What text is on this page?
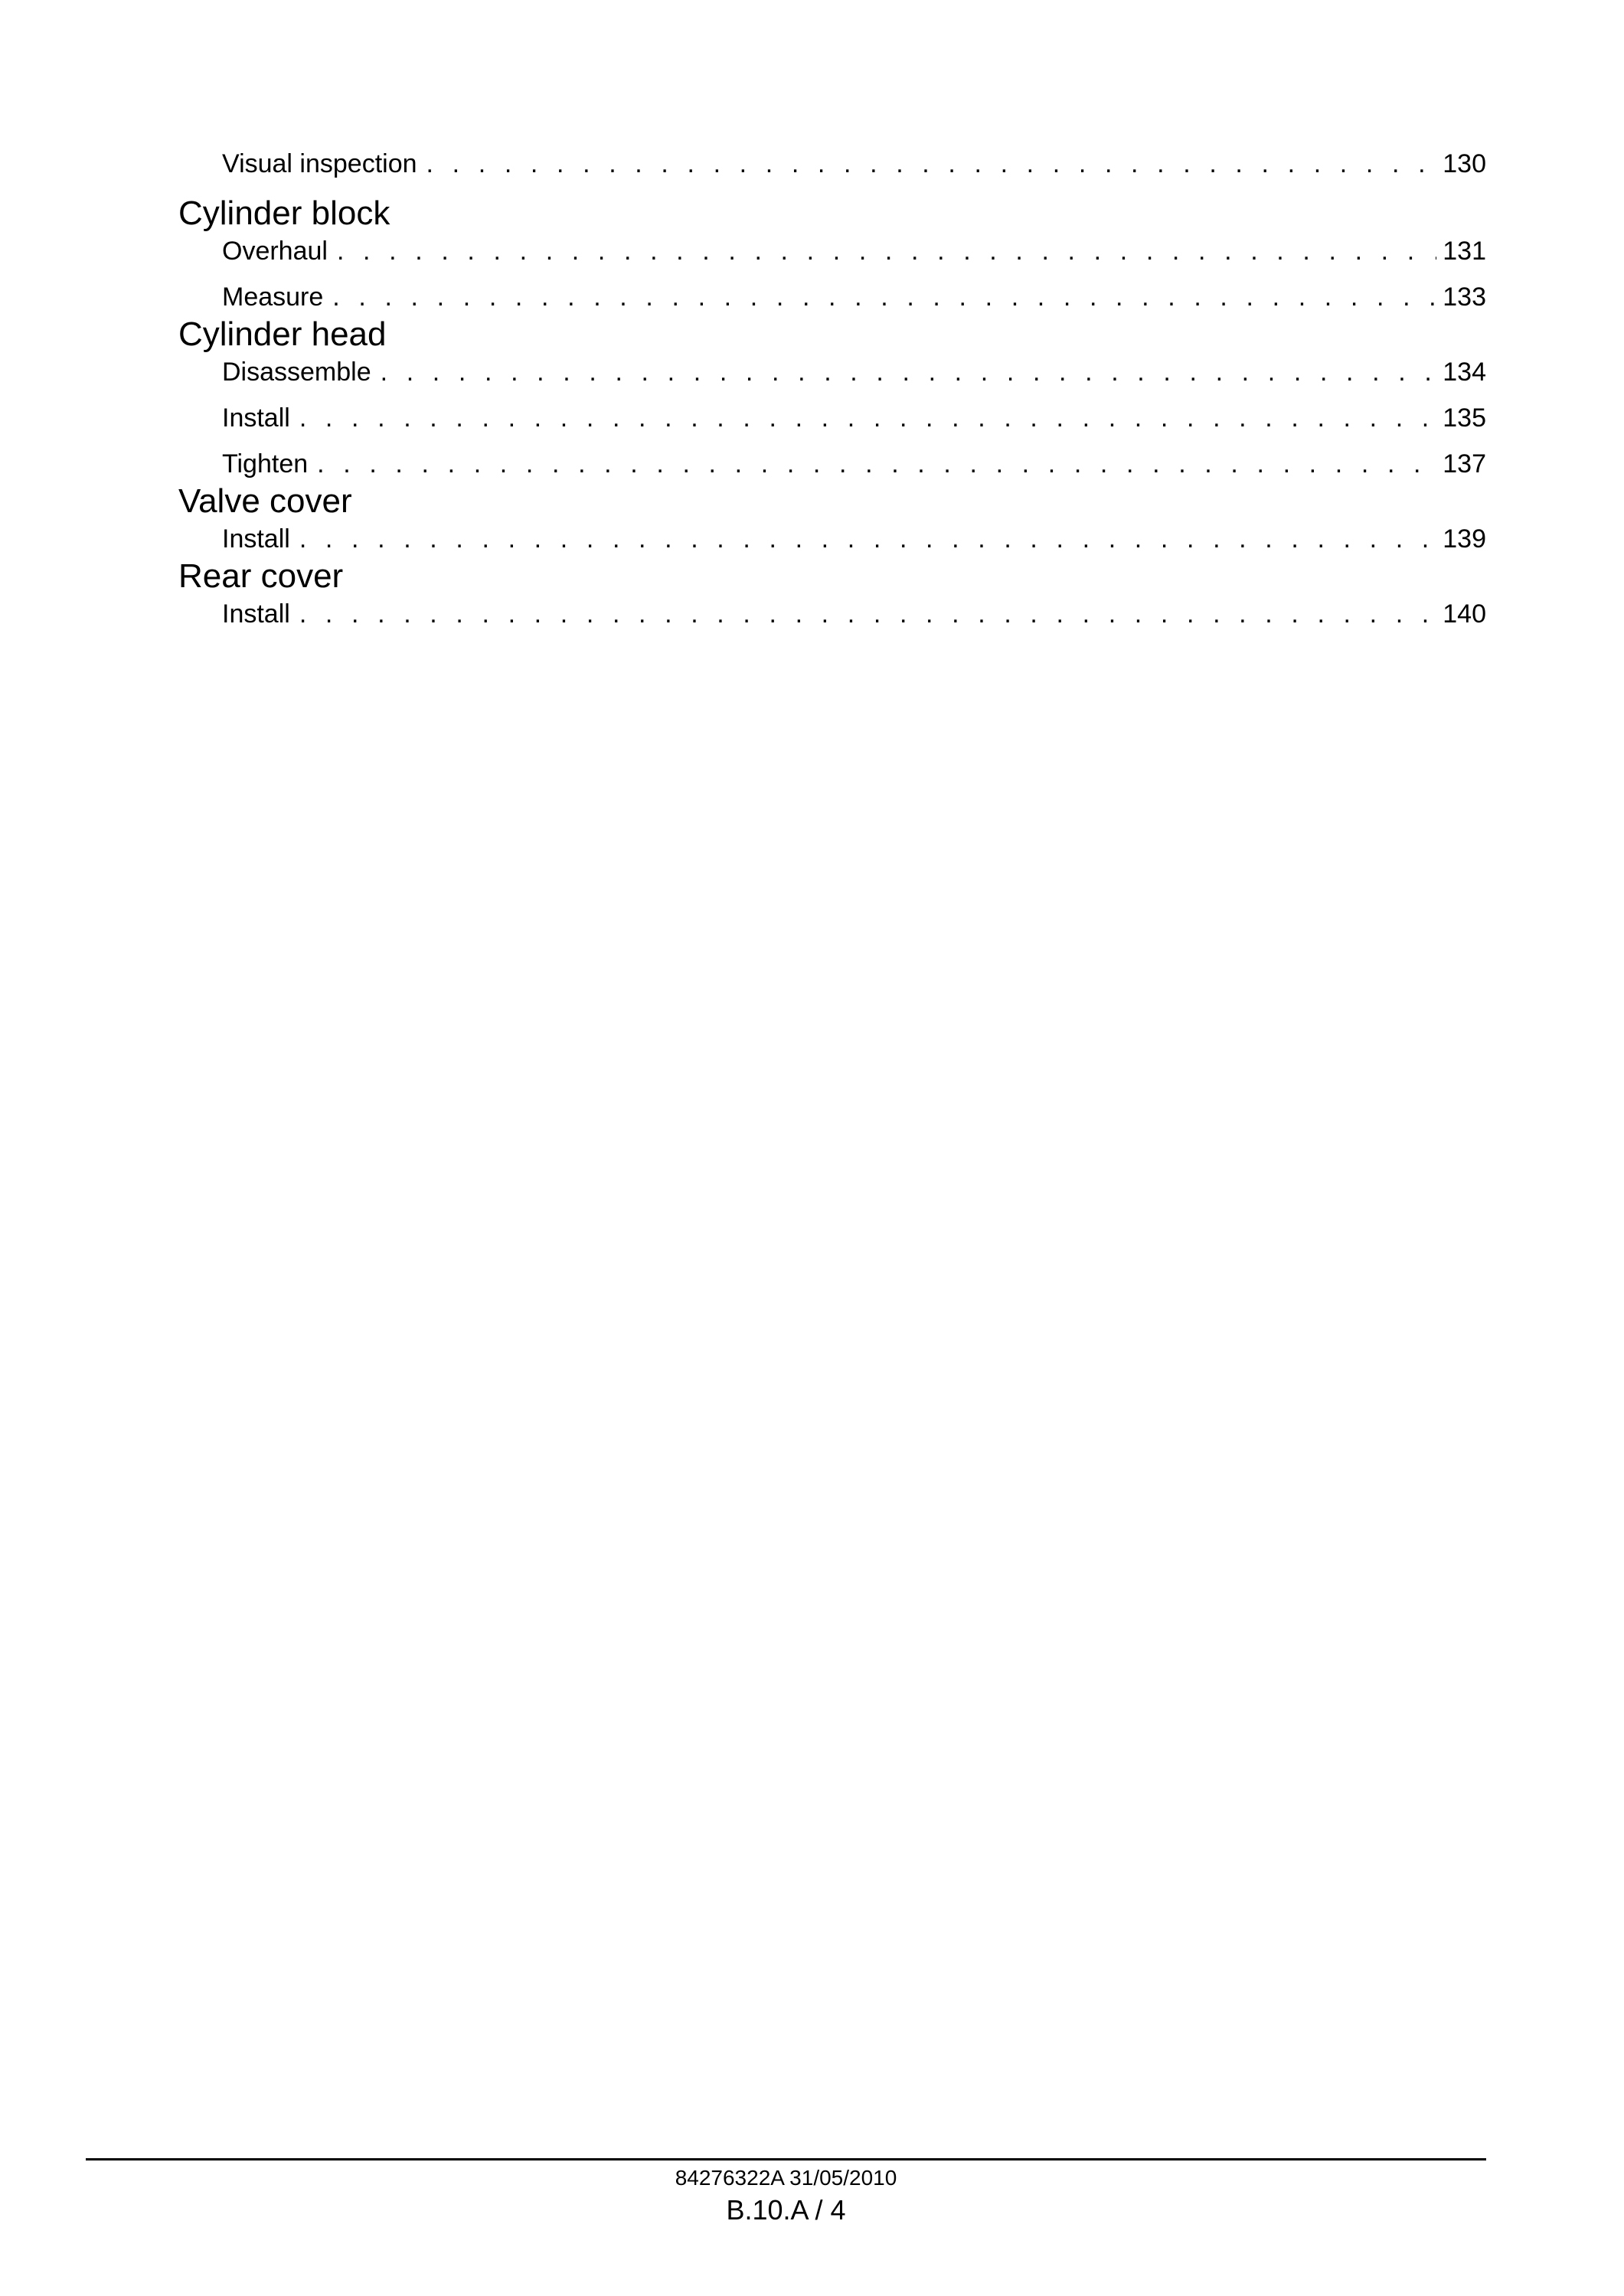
Visual inspection . . .	130
Cylinder block
Overhaul . . .	131
Measure . . .	133
Cylinder head
Disassemble . . .	134
Install . . .	135
Tighten . . .	137
Valve cover
Install . . .	139
Rear cover
Install . . .	140
84276322A 31/05/2010
B.10.A / 4
